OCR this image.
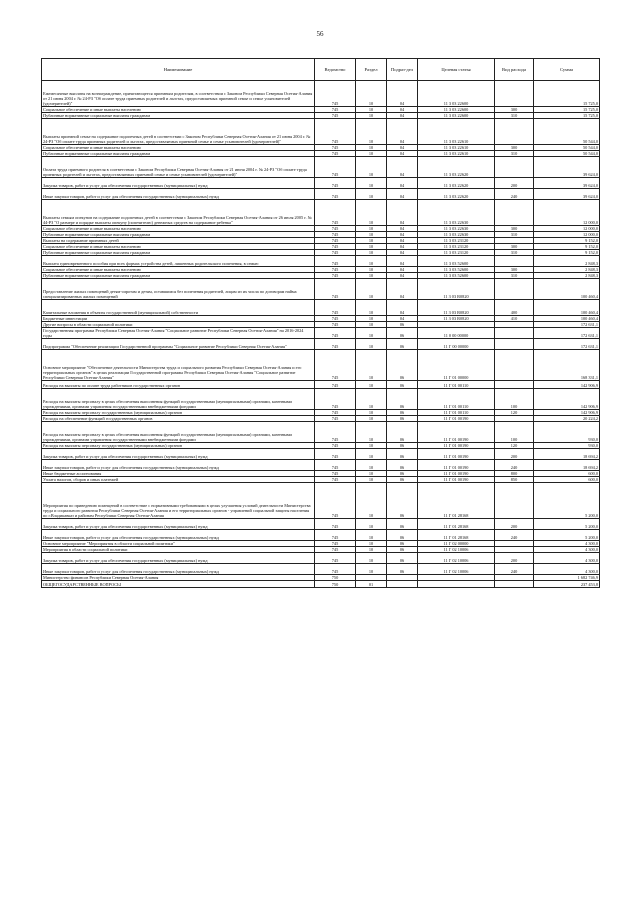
56
Наименование	Ведомство	Раздел	Подраз-дел	Целевая статья	Вид расхода	Сумма
Ежемесячные выплаты на вознаграждение, причитающееся приемным родителям, в соответствии с Законом Республики Северная Осетия-Алания от 21 июня 2004 г. № 24-РЗ "Об оплате труда приемных родителей и льготах, предоставляемых приемной семье и семье усыновителей (удочерителей)"	745	10	04	11 3 03 22600		15 725,0
Социальное обеспечение и иные выплаты населению	745	10	04	11 3 03 22600	300	15 725,0
Публичные нормативные социальные выплаты гражданам	745	10	04	11 3 03 22600	310	15 725,0
Выплаты приемной семье на содержание подопечных детей в соответствии с Законом Республики Северная Осетия-Алания от 21 июня 2004 г. № 24-РЗ "Об оплате труда приемных родителей и льготах, предоставляемых приемной семье и семье усыновителей (удочерителей)"	745	10	04	11 3 03 22610		50 544,0
Социальное обеспечение и иные выплаты населению	745	10	04	11 3 03 22610	300	50 544,0
Публичные нормативные социальные выплаты гражданам	745	10	04	11 3 03 22610	310	50 544,0
Оплата труда приемного родителя в соответствии с Законом Республики Северная Осетия-Алания от 21 июня 2004 г. № 24-РЗ "Об оплате труда приемных родителей и льготах, предоставляемых приемной семье и семье усыновителей (удочерителей)"	745	10	04	11 3 03 22620		39 624,0
Закупка товаров, работ и услуг для обеспечения государственных (муниципальных) нужд	745	10	04	11 3 03 22620	200	39 624,0
Иные закупки товаров, работ и услуг для обеспечения государственных (муниципальных) нужд	745	10	04	11 3 03 22620	240	39 624,0
Выплаты семьям опекунов на содержание подопечных детей в соответствии с Законом Республики Северная Осетия-Алания от 26 июля 2005 г. № 44-РЗ "О размере и порядке выплаты опекуну (попечителю) денежных средств на содержание ребенка"	745	10	04	11 3 03 22630		12 000,0
Социальное обеспечение и иные выплаты населению	745	10	04	11 3 03 22630	300	12 000,0
Публичные нормативные социальные выплаты гражданам	745	10	04	11 3 03 22630	310	12 000,0
Выплаты на содержание приемных детей	745	10	04	11 3 03 23120		9 152,0
Социальное обеспечение и иные выплаты населению	745	10	04	11 3 03 23120	300	9 152,0
Публичные нормативные социальные выплаты гражданам	745	10	04	11 3 03 23120	310	9 152,0
Выплата единовременного пособия при всех формах устройства детей, лишенных родительского попечения, в семью	745	10	04	11 3 03 52600		2 848,3
Социальное обеспечение и иные выплаты населению	745	10	04	11 3 03 52600	300	2 848,3
Публичные нормативные социальные выплаты гражданам	745	10	04	11 3 03 52600	310	2 848,3
Предоставление жилых помещений детям-сиротам и детям, оставшимся без попечения родителей, лицам из их числа по договорам найма специализированных жилых помещений	745	10	04	11 3 03 R0820		100 460,4
Капитальные вложения в объекты государственной (муниципальной) собственности	745	10	04	11 3 03 R0820	400	100 460,4
Бюджетные инвестиции	745	10	04	11 3 03 R0820	410	100 460,4
Другие вопросы в области социальной политики	745	10	06			172 631,1
Государственная программа Республики Северная Осетия-Алания "Социальное развитие Республики Северная Осетия-Алания" на 2016-2024 годы	745	10	06	11 0 00 00000		172 631,1
Подпрограмма "Обеспечение реализации Государственной программы "Социальное развитие Республики Северная Осетия-Алания"	745	10	06	11 Г 00 00000		172 631,1
Основное мероприятие "Обеспечение деятельности Министерства труда и социального развития Республики Северная Осетия-Алания и его территориальных органов" в целях реализации Государственной программы Республики Северная Осетия-Алания "Социальное развитие Республики Северная Осетия-Алания"	745	10	06	11 Г 01 00000		168 331,1
Расходы на выплаты по оплате труда работников государственных органов	745	10	06	11 Г 01 00110		142 906,9
Расходы на выплаты персоналу в целях обеспечения выполнения функций государственными (муниципальными) органами, казенными учреждениями, органами управления государственными внебюджетными фондами	745	10	06	11 Г 01 00110	100	142 906,9
Расходы на выплаты персоналу государственных (муниципальных) органов	745	10	06	11 Г 01 00110	120	142 906,9
Расходы на обеспечение функций государственных органов	745	10	06	11 Г 01 00190		20 224,2
Расходы на выплаты персоналу в целях обеспечения выполнения функций государственными (муниципальными) органами, казенными учреждениями, органами управления государственными внебюджетными фондами	745	10	06	11 Г 01 00190	100	930,0
Расходы на выплаты персоналу государственных (муниципальных) органов	745	10	06	11 Г 01 00190	120	930,0
Закупка товаров, работ и услуг для обеспечения государственных (муниципальных) нужд	745	10	06	11 Г 01 00190	200	18 694,2
Иные закупки товаров, работ и услуг для обеспечения государственных (муниципальных) нужд	745	10	06	11 Г 01 00190	240	18 694,2
Иные бюджетные ассигнования	745	10	06	11 Г 01 00190	800	600,0
Уплата налогов, сборов и иных платежей	745	10	06	11 Г 01 00190	850	600,0
Мероприятия по приведению помещений в соответствие с нормативными требованиями в целях улучшения условий деятельности Министерства труда и социального развития Республики Северная Осетия-Алания и его территориальных органов - управлений социальной защиты населения по г.Владикавказ и районам Республики Северная Осетия-Алания	745	10	06	11 Г 01 28168		5 200,0
Закупка товаров, работ и услуг для обеспечения государственных (муниципальных) нужд	745	10	06	11 Г 01 28168	200	5 200,0
Иные закупки товаров, работ и услуг для обеспечения государственных (муниципальных) нужд	745	10	06	11 Г 01 28168	240	5 200,0
Основное мероприятие "Мероприятия в области социальной политики"	745	10	06	11 Г 02 00000		4 300,0
Мероприятия в области социальной политики	745	10	06	11 Г 02 10006		4 300,0
Закупка товаров, работ и услуг для обеспечения государственных (муниципальных) нужд	745	10	06	11 Г 02 10006	200	4 300,0
Иные закупки товаров, работ и услуг для обеспечения государственных (муниципальных) нужд	745	10	06	11 Г 02 10006	240	4 300,0
Министерство финансов Республики Северная Осетия-Алания	750					1 682 746,9
ОБЩЕГОСУДАРСТВЕННЫЕ ВОПРОСЫ	750	01				237 453,8
